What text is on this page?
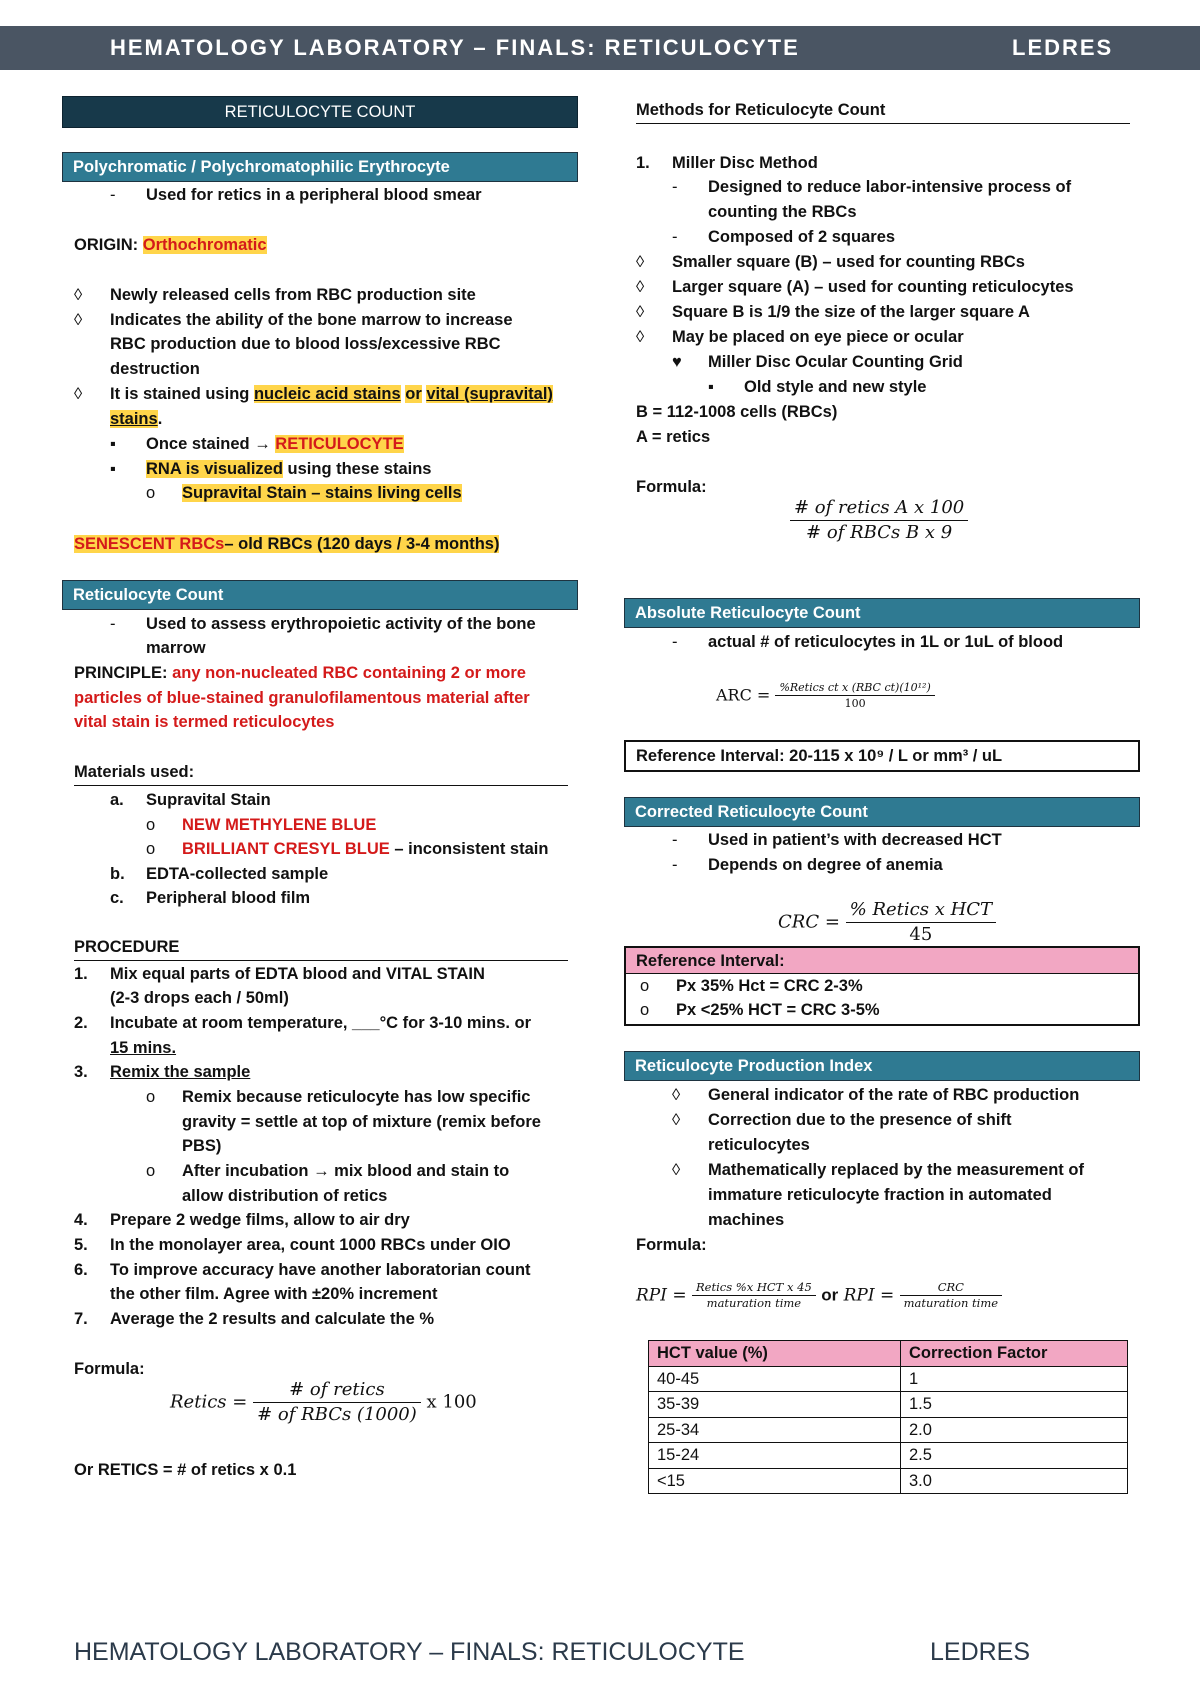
HEMATOLOGY LABORATORY – FINALS: RETICULOCYTE	LEDRES
RETICULOCYTE COUNT
Polychromatic / Polychromatophilic Erythrocyte
- Used for retics in a peripheral blood smear
ORIGIN: Orthochromatic
◊ Newly released cells from RBC production site
◊ Indicates the ability of the bone marrow to increase
RBC production due to blood loss/excessive RBC
destruction
◊ It is stained using nucleic acid stains or vital (supravital)
stains.
▪ Once stained → RETICULOCYTE
▪ RNA is visualized using these stains
o Supravital Stain – stains living cells
SENESCENT RBCs– old RBCs (120 days / 3-4 months)
Reticulocyte Count
- Used to assess erythropoietic activity of the bone
marrow
PRINCIPLE: any non-nucleated RBC containing 2 or more
particles of blue-stained granulofilamentous material after
vital stain is termed reticulocytes
Materials used:
a. Supravital Stain
o NEW METHYLENE BLUE
o BRILLIANT CRESYL BLUE – inconsistent stain
b. EDTA-collected sample
c. Peripheral blood film
PROCEDURE
1. Mix equal parts of EDTA blood and VITAL STAIN
(2-3 drops each / 50ml)
2. Incubate at room temperature, ___°C for 3-10 mins. or
15 mins.
3. Remix the sample
o Remix because reticulocyte has low specific
gravity = settle at top of mixture (remix before
PBS)
o After incubation → mix blood and stain to
allow distribution of retics
4. Prepare 2 wedge films, allow to air dry
5. In the monolayer area, count 1000 RBCs under OIO
6. To improve accuracy have another laboratorian count
the other film. Agree with ±20% increment
7. Average the 2 results and calculate the %
Formula:
Retics = $\frac{\text{\# of retics}}{\text{\# of RBCs (1000)}}$ x 100
Or RETICS = # of retics x 0.1
Methods for Reticulocyte Count
1. Miller Disc Method
- Designed to reduce labor-intensive process of
counting the RBCs
- Composed of 2 squares
◊ Smaller square (B) – used for counting RBCs
◊ Larger square (A) – used for counting reticulocytes
◊ Square B is 1/9 the size of the larger square A
◊ May be placed on eye piece or ocular
♥ Miller Disc Ocular Counting Grid
▪ Old style and new style
B = 112-1008 cells (RBCs)
A = retics
Formula:
$\frac{\text{\# of retics A x 100}}{\text{\# of RBCs B x 9}}$
Absolute Reticulocyte Count
- actual # of reticulocytes in 1L or 1uL of blood
ARC = $\frac{\text{\%Retics ct x (RBC ct)(10¹²)}}{100}$
Reference Interval: 20-115 x 10⁹ / L or mm³ / uL
Corrected Reticulocyte Count
- Used in patient’s with decreased HCT
- Depends on degree of anemia
CRC = $\frac{\text{\% Retics x HCT}}{45}$
Reference Interval:
o Px 35% Hct = CRC 2-3%
o Px <25% HCT = CRC 3-5%
Reticulocyte Production Index
◊ General indicator of the rate of RBC production
◊ Correction due to the presence of shift
reticulocytes
◊ Mathematically replaced by the measurement of
immature reticulocyte fraction in automated
machines
Formula:
RPI = $\frac{\text{Retics \%x HCT x 45}}{\text{maturation time}}$ or RPI = $\frac{\text{CRC}}{\text{maturation time}}$
HCT value (%)	Correction Factor
40-45	1
35-39	1.5
25-34	2.0
15-24	2.5
<15	3.0
HEMATOLOGY LABORATORY – FINALS: RETICULOCYTE	LEDRES
